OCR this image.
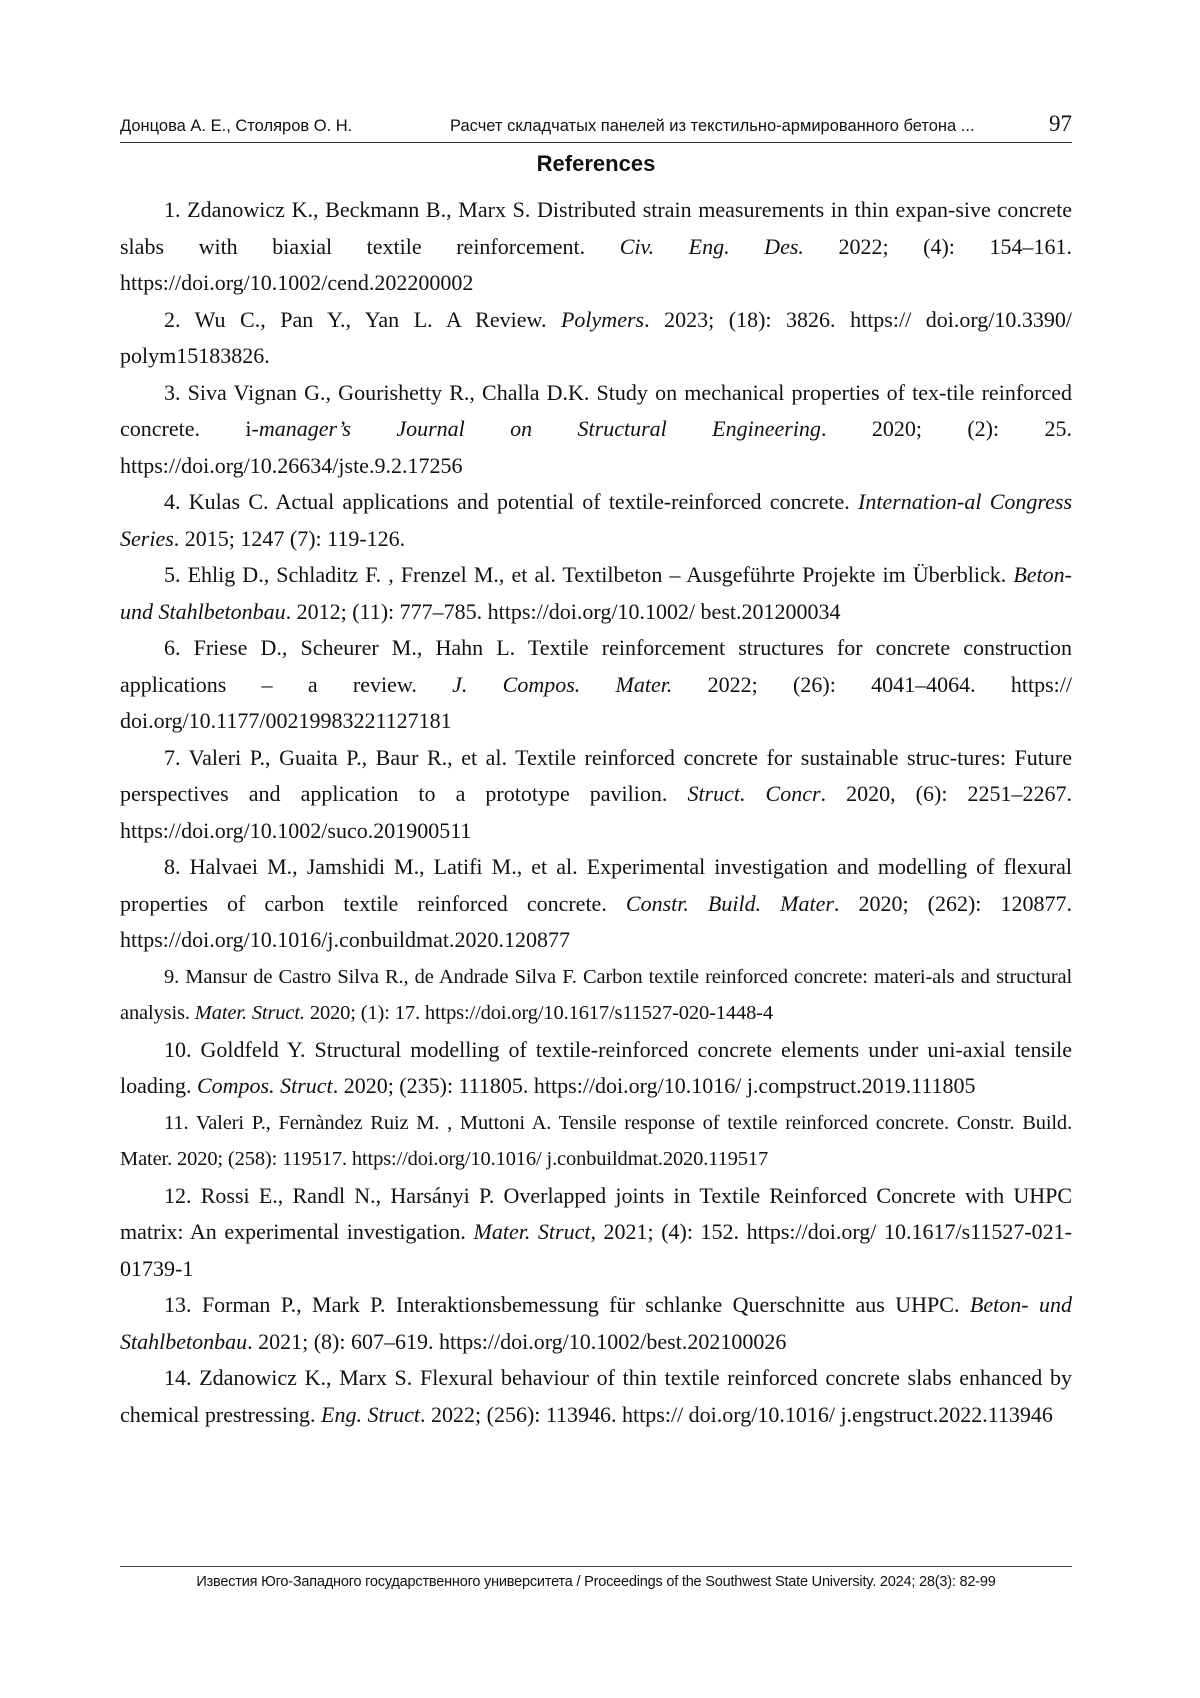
Донцова А. Е., Столяров О. Н.	Расчет складчатых панелей из текстильно-армированного бетона ...	97
References

1. Zdanowicz K., Beckmann B., Marx S. Distributed strain measurements in thin expan-sive concrete slabs with biaxial textile reinforcement. Civ. Eng. Des. 2022; (4): 154–161. https://doi.org/10.1002/cend.202200002

2. Wu C., Pan Y., Yan L. A Review. Polymers. 2023; (18): 3826. https:// doi.org/10.3390/ polym15183826.

3. Siva Vignan G., Gourishetty R., Challa D.K. Study on mechanical properties of tex-tile reinforced concrete. i-manager’s Journal on Structural Engineering. 2020; (2): 25. https://doi.org/10.26634/jste.9.2.17256

4. Kulas C. Actual applications and potential of textile-reinforced concrete. Internation-al Congress Series. 2015; 1247 (7): 119-126.

5. Ehlig D., Schladitz F. , Frenzel M., et al. Textilbeton – Ausgeführte Projekte im Überblick. Beton- und Stahlbetonbau. 2012; (11): 777–785. https://doi.org/10.1002/ best.201200034

6. Friese D., Scheurer M., Hahn L. Textile reinforcement structures for concrete construction applications – a review. J. Compos. Mater. 2022; (26): 4041–4064. https:// doi.org/10.1177/00219983221127181

7. Valeri P., Guaita P., Baur R., et al. Textile reinforced concrete for sustainable struc-tures: Future perspectives and application to a prototype pavilion. Struct. Concr. 2020, (6): 2251–2267. https://doi.org/10.1002/suco.201900511

8. Halvaei M., Jamshidi M., Latifi M., et al. Experimental investigation and modelling of flexural properties of carbon textile reinforced concrete. Constr. Build. Mater. 2020; (262): 120877. https://doi.org/10.1016/j.conbuildmat.2020.120877

9. Mansur de Castro Silva R., de Andrade Silva F. Carbon textile reinforced concrete: materi-als and structural analysis. Mater. Struct. 2020; (1): 17. https://doi.org/10.1617/s11527-020-1448-4

10. Goldfeld Y. Structural modelling of textile-reinforced concrete elements under uni-axial tensile loading. Compos. Struct. 2020; (235): 111805. https://doi.org/10.1016/ j.compstruct.2019.111805

11. Valeri P., Fernàndez Ruiz M. , Muttoni A. Tensile response of textile reinforced concrete. Constr. Build. Mater. 2020; (258): 119517. https://doi.org/10.1016/ j.conbuildmat.2020.119517

12. Rossi E., Randl N., Harsányi P. Overlapped joints in Textile Reinforced Concrete with UHPC matrix: An experimental investigation. Mater. Struct, 2021; (4): 152. https://doi.org/ 10.1617/s11527-021-01739-1

13. Forman P., Mark P. Interaktionsbemessung für schlanke Querschnitte aus UHPC. Beton- und Stahlbetonbau. 2021; (8): 607–619. https://doi.org/10.1002/best.202100026

14. Zdanowicz K., Marx S. Flexural behaviour of thin textile reinforced concrete slabs enhanced by chemical prestressing. Eng. Struct. 2022; (256): 113946. https:// doi.org/10.1016/ j.engstruct.2022.113946

Известия Юго-Западного государственного университета / Proceedings of the Southwest State University. 2024; 28(3): 82-99
